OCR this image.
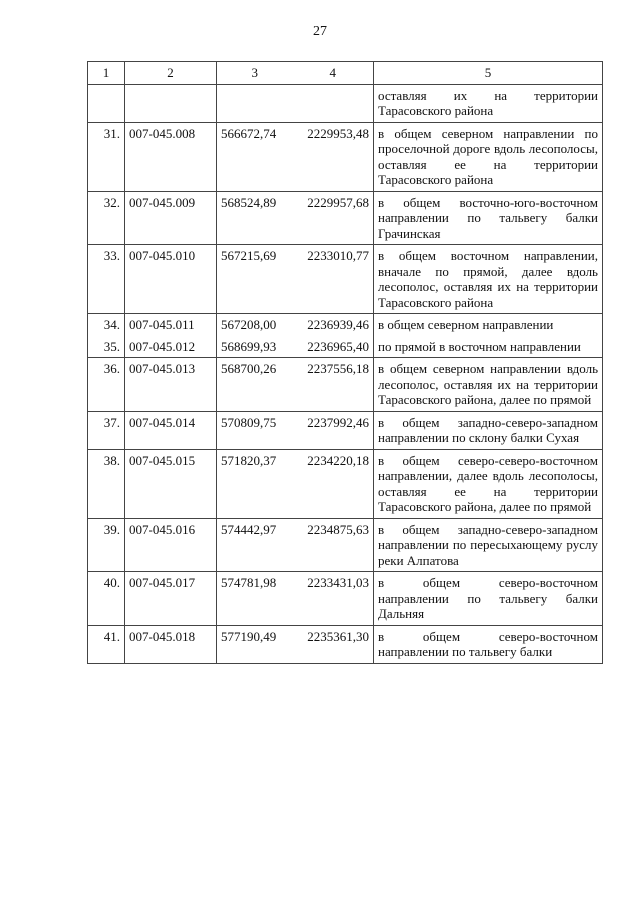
27
1	2	3	4	5
				оставляя их на территории Тарасовского района
31.	007-045.008	566672,74	2229953,48	в общем северном направлении по проселочной дороге вдоль лесополосы, оставляя ее на территории Тарасовского района
32.	007-045.009	568524,89	2229957,68	в общем восточно-юго-восточном направлении по тальвегу балки Грачинская
33.	007-045.010	567215,69	2233010,77	в общем восточном направлении, вначале по прямой, далее вдоль лесополос, оставляя их на территории Тарасовского района
34.	007-045.011	567208,00	2236939,46	в общем северном направлении
35.	007-045.012	568699,93	2236965,40	по прямой в восточном направлении
36.	007-045.013	568700,26	2237556,18	в общем северном направлении вдоль лесополос, оставляя их на территории Тарасовского района, далее по прямой
37.	007-045.014	570809,75	2237992,46	в общем западно-северо-западном направлении по склону балки Сухая
38.	007-045.015	571820,37	2234220,18	в общем северо-северо-восточном направлении, далее вдоль лесополосы, оставляя ее на территории Тарасовского района, далее по прямой
39.	007-045.016	574442,97	2234875,63	в общем западно-северо-западном направлении по пересыхающему руслу реки Алпатова
40.	007-045.017	574781,98	2233431,03	в общем северо-восточном направлении по тальвегу балки Дальняя
41.	007-045.018	577190,49	2235361,30	в общем северо-восточном направлении по тальвегу балки
